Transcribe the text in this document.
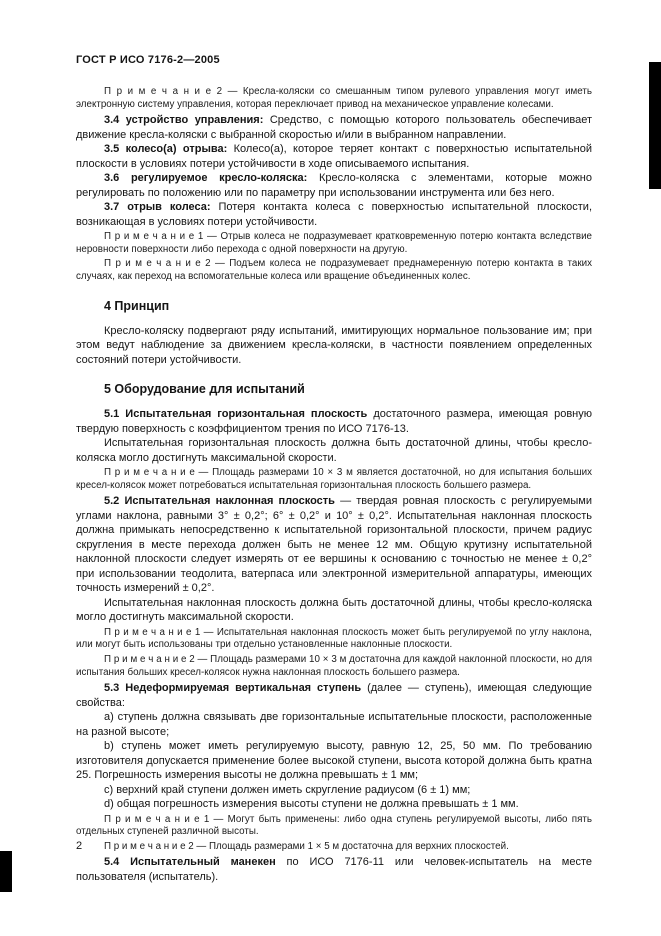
ГОСТ Р ИСО 7176-2—2005

П р и м е ч а н и е 2 — Кресла-коляски со смешанным типом рулевого управления могут иметь электронную систему управления, которая переключает привод на механическое управление колесами.

3.4 устройство управления: Средство, с помощью которого пользователь обеспечивает движение кресла-коляски с выбранной скоростью и/или в выбранном направлении.

3.5 колесо(а) отрыва: Колесо(а), которое теряет контакт с поверхностью испытательной плоскости в условиях потери устойчивости в ходе описываемого испытания.

3.6 регулируемое кресло-коляска: Кресло-коляска с элементами, которые можно регулировать по положению или по параметру при использовании инструмента или без него.

3.7 отрыв колеса: Потеря контакта колеса с поверхностью испытательной плоскости, возникающая в условиях потери устойчивости.

П р и м е ч а н и е 1 — Отрыв колеса не подразумевает кратковременную потерю контакта вследствие неровности поверхности либо перехода с одной поверхности на другую.

П р и м е ч а н и е 2 — Подъем колеса не подразумевает преднамеренную потерю контакта в таких случаях, как переход на вспомогательные колеса или вращение объединенных колес.

4 Принцип

Кресло-коляску подвергают ряду испытаний, имитирующих нормальное пользование им; при этом ведут наблюдение за движением кресла-коляски, в частности появлением определенных состояний потери устойчивости.

5 Оборудование для испытаний

5.1 Испытательная горизонтальная плоскость достаточного размера, имеющая ровную твердую поверхность с коэффициентом трения по ИСО 7176-13.

Испытательная горизонтальная плоскость должна быть достаточной длины, чтобы кресло-коляска могло достигнуть максимальной скорости.

П р и м е ч а н и е — Площадь размерами 10 × 3 м является достаточной, но для испытания больших кресел-колясок может потребоваться испытательная горизонтальная плоскость большего размера.

5.2 Испытательная наклонная плоскость — твердая ровная плоскость с регулируемыми углами наклона, равными 3° ± 0,2°; 6° ± 0,2° и 10° ± 0,2°. Испытательная наклонная плоскость должна примыкать непосредственно к испытательной горизонтальной плоскости, причем радиус скругления в месте перехода должен быть не менее 12 мм. Общую крутизну испытательной наклонной плоскости следует измерять от ее вершины к основанию с точностью не менее ± 0,2° при использовании теодолита, ватерпаса или электронной измерительной аппаратуры, имеющих точность измерений ± 0,2°.

Испытательная наклонная плоскость должна быть достаточной длины, чтобы кресло-коляска могло достигнуть максимальной скорости.

П р и м е ч а н и е 1 — Испытательная наклонная плоскость может быть регулируемой по углу наклона, или могут быть использованы три отдельно установленные наклонные плоскости.

П р и м е ч а н и е 2 — Площадь размерами 10 × 3 м достаточна для каждой наклонной плоскости, но для испытания больших кресел-колясок нужна наклонная плоскость большего размера.

5.3 Недеформируемая вертикальная ступень (далее — ступень), имеющая следующие свойства:

a) ступень должна связывать две горизонтальные испытательные плоскости, расположенные на разной высоте;

b) ступень может иметь регулируемую высоту, равную 12, 25, 50 мм. По требованию изготовителя допускается применение более высокой ступени, высота которой должна быть кратна 25. Погрешность измерения высоты не должна превышать ± 1 мм;

c) верхний край ступени должен иметь скругление радиусом (6 ± 1) мм;

d) общая погрешность измерения высоты ступени не должна превышать ± 1 мм.

П р и м е ч а н и е 1 — Могут быть применены: либо одна ступень регулируемой высоты, либо пять отдельных ступеней различной высоты.

П р и м е ч а н и е 2 — Площадь размерами 1 × 5 м достаточна для верхних плоскостей.

5.4 Испытательный манекен по ИСО 7176-11 или человек-испытатель на месте пользователя (испытатель).

2
